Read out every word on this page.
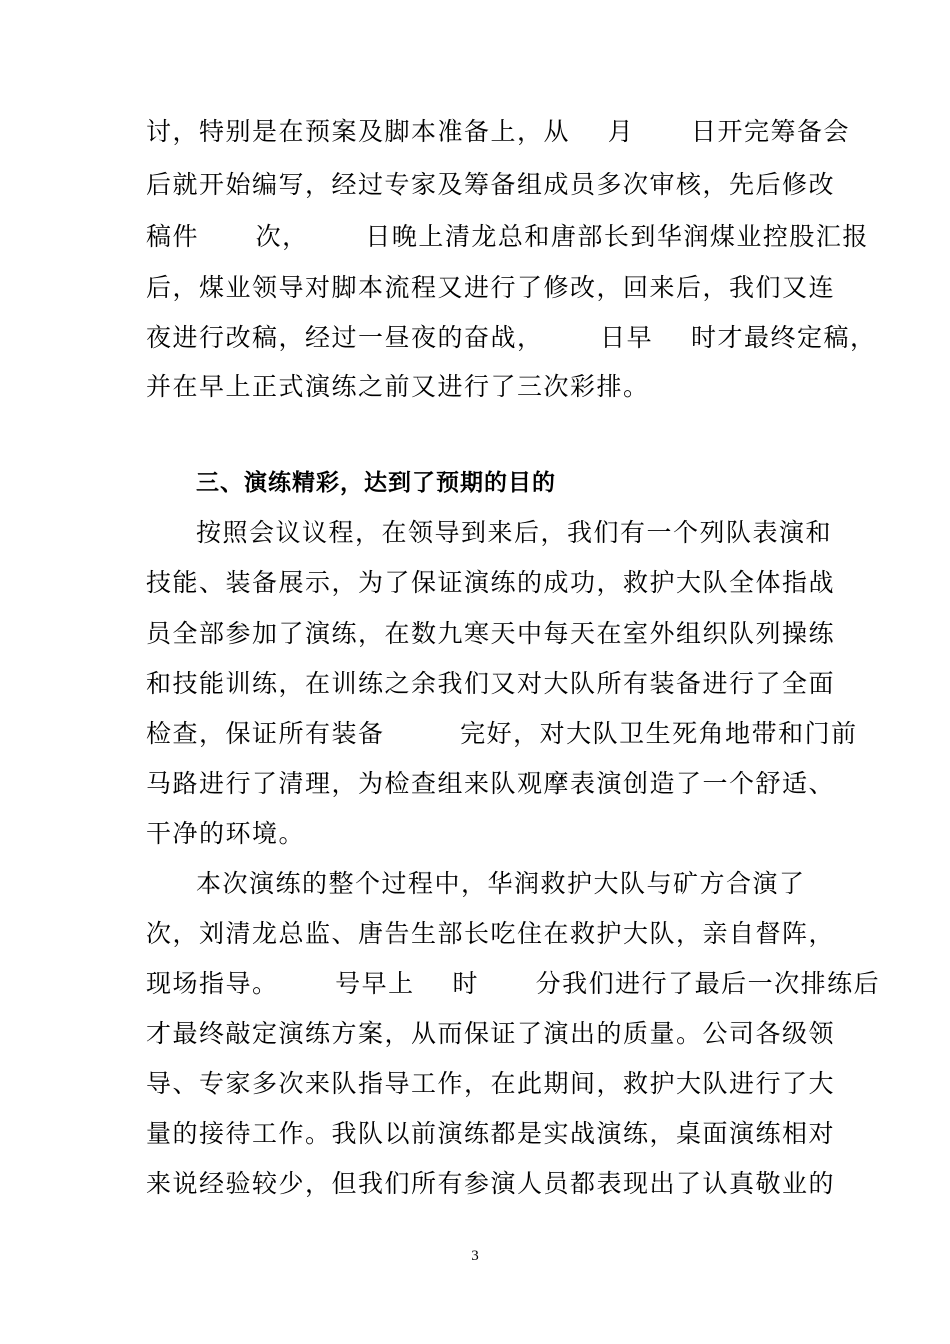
讨，特别是在预案及脚本准备上，从    月      日开完筹备会
后就开始编写，经过专家及筹备组成员多次审核，先后修改
稿件      次，      日晚上清龙总和唐部长到华润煤业控股汇报
后，煤业领导对脚本流程又进行了修改，回来后，我们又连
夜进行改稿，经过一昼夜的奋战，      日早    时才最终定稿，
并在早上正式演练之前又进行了三次彩排。
三、演练精彩，达到了预期的目的
按照会议议程，在领导到来后，我们有一个列队表演和
技能、装备展示，为了保证演练的成功，救护大队全体指战
员全部参加了演练，在数九寒天中每天在室外组织队列操练
和技能训练，在训练之余我们又对大队所有装备进行了全面
检查，保证所有装备        完好，对大队卫生死角地带和门前
马路进行了清理，为检查组来队观摩表演创造了一个舒适、
干净的环境。
本次演练的整个过程中，华润救护大队与矿方合演了
次，刘清龙总监、唐告生部长吃住在救护大队，亲自督阵，
现场指导。      号早上    时      分我们进行了最后一次排练后
才最终敲定演练方案，从而保证了演出的质量。公司各级领
导、专家多次来队指导工作，在此期间，救护大队进行了大
量的接待工作。我队以前演练都是实战演练，桌面演练相对
来说经验较少，但我们所有参演人员都表现出了认真敬业的
3
